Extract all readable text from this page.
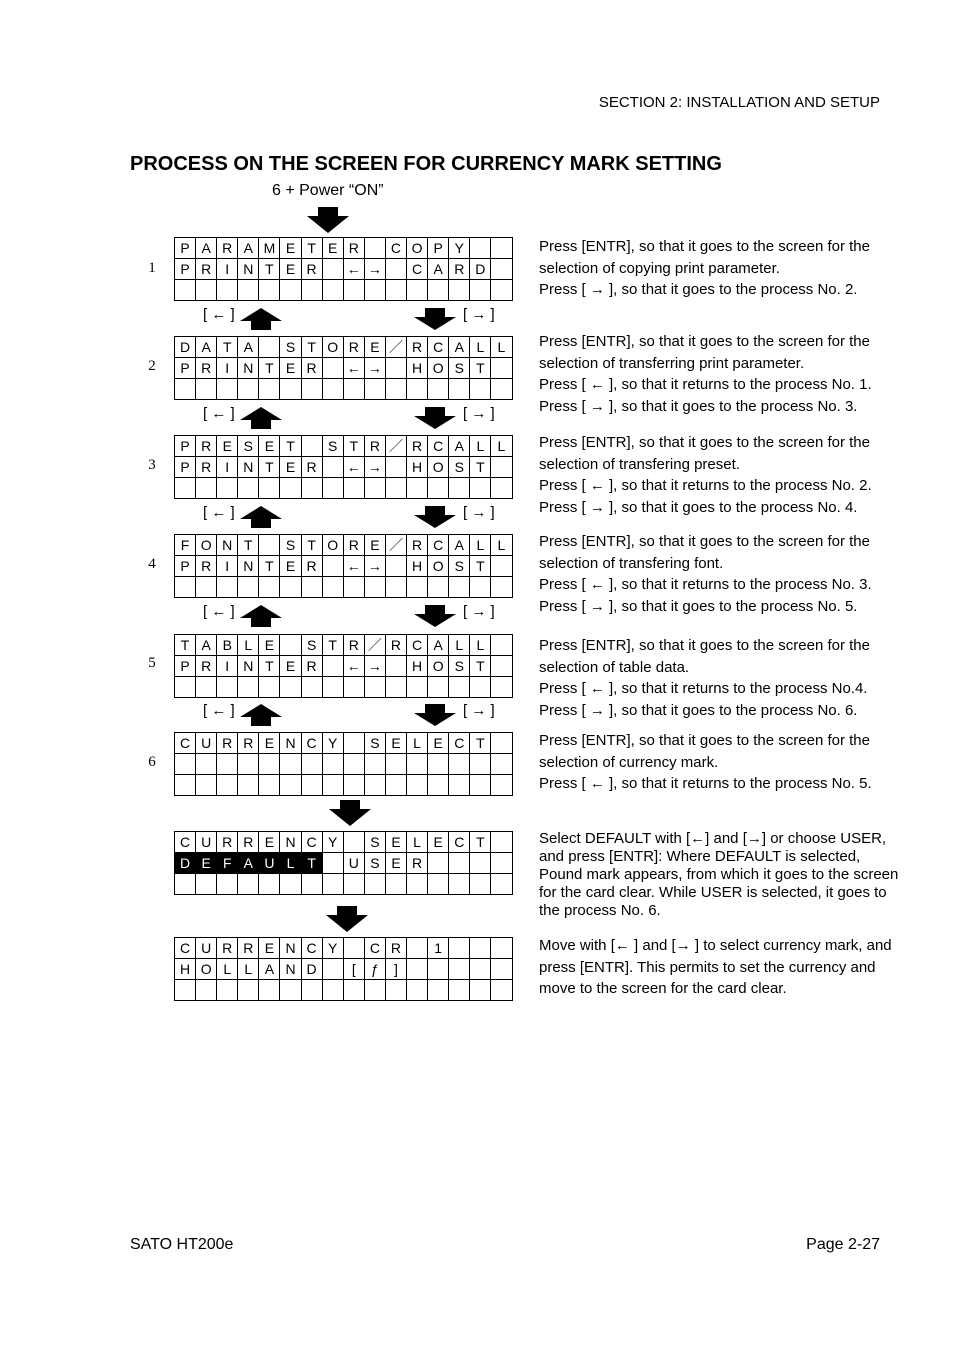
SECTION 2: INSTALLATION AND SETUP
PROCESS ON THE SCREEN FOR CURRENCY MARK SETTING
6 + Power “ON”
1
2
3
4
5
6
P	A	R	A	M	E	T	E	R		C	O	P	Y		
P	R	I	N	T	E	R		←	→		C	A	R	D	

D	A	T	A		S	T	O	R	E	／	R	C	A	L	L
P	R	I	N	T	E	R		←	→		H	O	S	T	

P	R	E	S	E	T		S	T	R	／	R	C	A	L	L
P	R	I	N	T	E	R		←	→		H	O	S	T	

F	O	N	T		S	T	O	R	E	／	R	C	A	L	L
P	R	I	N	T	E	R		←	→		H	O	S	T	

T	A	B	L	E		S	T	R	／	R	C	A	L	L	
P	R	I	N	T	E	R		←	→		H	O	S	T	

C	U	R	R	E	N	C	Y		S	E	L	E	C	T	

C	U	R	R	E	N	C	Y		S	E	L	E	C	T	
D	E	F	A	U	L	T		U	S	E	R				

C	U	R	R	E	N	C	Y		C	R		1			
H	O	L	L	A	N	D		[	ƒ	]					

Press [ENTR], so that it goes to the screen for the selection of copying print parameter.

Press [ → ], so that it goes to the process No. 2.

Press [ENTR], so that it goes to the screen for the selection of transferring print parameter.

Press [ ← ], so that it returns to the process No. 1.

Press [ → ], so that it goes to the process No. 3.

Press [ENTR], so that it goes to the screen for the selection of transfering preset.

Press [ ← ], so that it returns to the process No. 2.

Press [ → ], so that it goes to the process No. 4.

Press [ENTR], so that it goes to the screen for the selection of transfering font.

Press [ ← ], so that it returns to the process No. 3.

Press [ → ], so that it goes to the process No. 5.

Press [ENTR], so that it goes to the screen for the selection of table data.

Press [ ← ], so that it returns to the process No.4.

Press [ → ], so that it goes to the process No. 6.

Press [ENTR], so that it goes to the screen for the selection of currency mark.

Press [ ← ], so that it returns to the process No. 5.

Select DEFAULT with [←] and [→] or choose USER, and press [ENTR]: Where DEFAULT is selected, Pound mark appears, from which it goes to the screen for the card clear. While USER is selected, it goes to the process No. 6.

Move with [← ] and [→ ] to select currency mark, and press [ENTR]. This permits to set the currency and move to the screen for the card clear.

[ ← ]	[ → ]
[ ← ]	[ → ]
[ ← ]	[ → ]
[ ← ]	[ → ]
[ ← ]	[ → ]
SATO HT200e	Page 2-27
